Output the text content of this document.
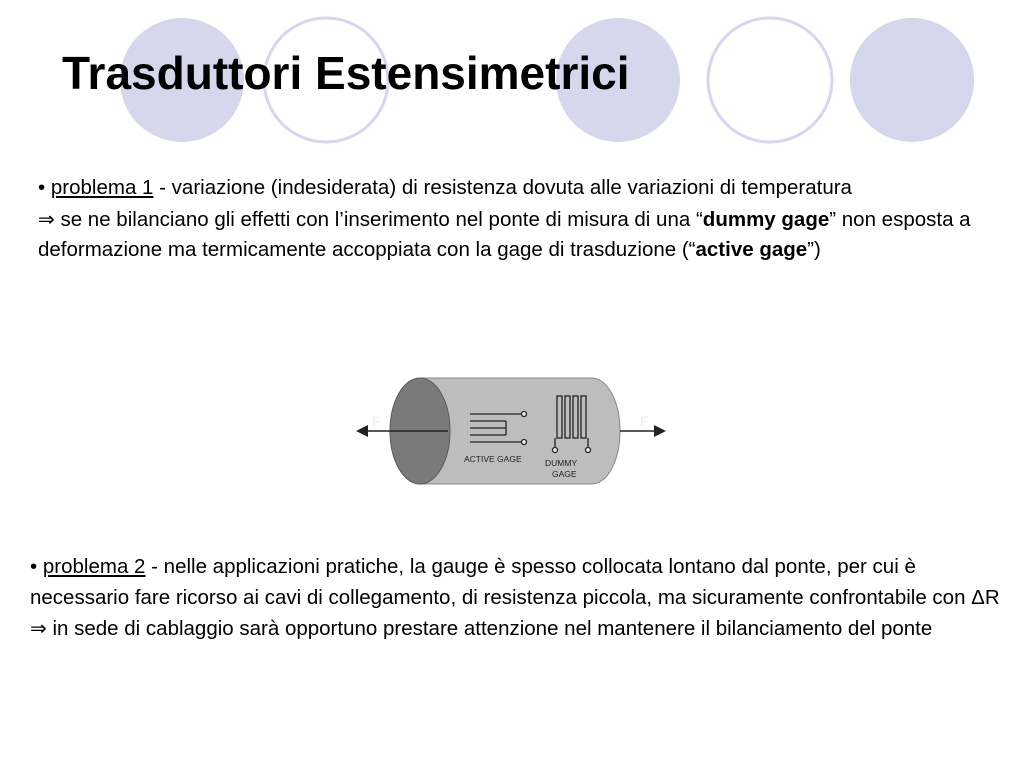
Trasduttori Estensimetrici

• problema 1 - variazione (indesiderata) di resistenza dovuta alle variazioni di temperatura
⇒ se ne bilanciano gli effetti con l’inserimento nel ponte di misura di una “dummy gage” non esposta a deformazione ma termicamente accoppiata con la gage di trasduzione (“active gage”)

F	F
ACTIVE GAGE	DUMMY
GAGE

• problema 2 - nelle applicazioni pratiche, la gauge è spesso collocata lontano dal ponte, per cui è necessario fare ricorso ai cavi di collegamento, di resistenza piccola, ma sicuramente confrontabile con ΔR
⇒ in sede di cablaggio sarà opportuno prestare attenzione nel mantenere il bilanciamento del ponte
